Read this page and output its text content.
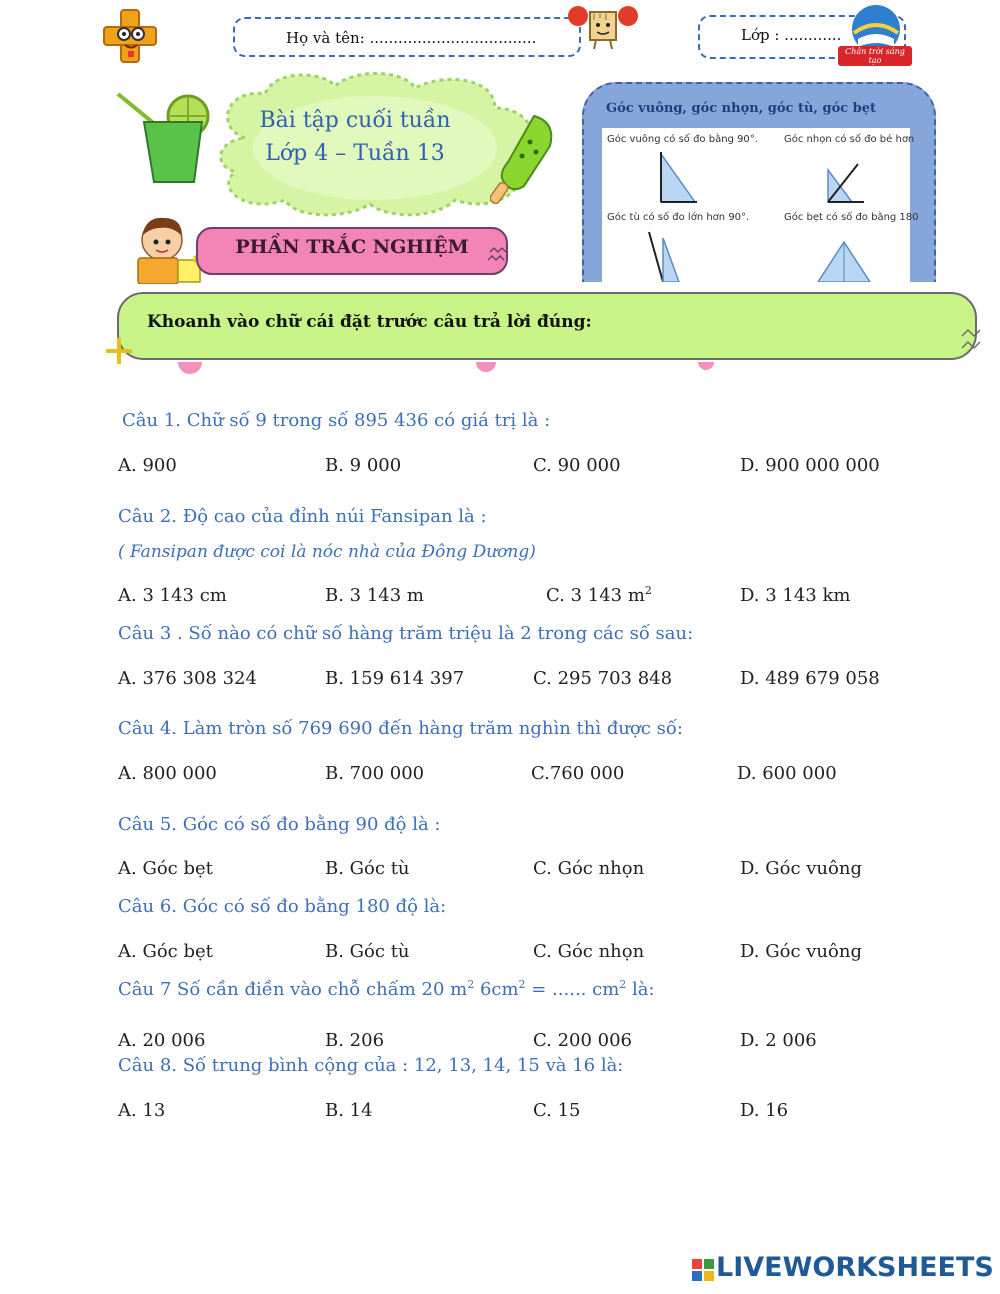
Họ và tên: ...................................	Lớp : ............
Chân trời sáng tạo
Bài tập cuối tuần
Lớp 4 – Tuần 13
Góc vuông, góc nhọn, góc tù, góc bẹt
Góc vuông có số đo bằng 90°.	Góc nhọn có số đo bé hơn
Góc tù có số đo lớn hơn 90°.	Góc bẹt có số đo bằng 180
PHẦN TRẮC NGHIỆM
Khoanh vào chữ cái đặt trước câu trả lời đúng:
Câu 1. Chữ số 9 trong số 895 436 có giá trị là :
A. 900	B. 9 000	C. 90 000	D. 900 000 000
Câu 2. Độ cao của đỉnh núi Fansipan là :
( Fansipan được coi là nóc nhà của Đông Dương)
A. 3 143 cm	B. 3 143 m	C. 3 143 $m^2$	D. 3 143 km
Câu 3 . Số nào có chữ số hàng trăm triệu là 2 trong các số sau:
A. 376 308 324	B. 159 614 397	C. 295 703 848	D. 489 679 058
Câu 4. Làm tròn số 769 690 đến hàng trăm nghìn thì được số:
A. 800 000	B. 700 000	C.760 000	D. 600 000
Câu 5. Góc có số đo bằng 90 độ là :
A. Góc bẹt	B. Góc tù	C. Góc nhọn	D. Góc vuông
Câu 6. Góc có số đo bằng 180 độ là:
A. Góc bẹt	B. Góc tù	C. Góc nhọn	D. Góc vuông
Câu 7 Số cần điền vào chỗ chấm 20 $m^2$ $6cm^2$ = ...... $cm^2$ là:
A. 20 006	B. 206	C. 200 006	D. 2 006
Câu 8. Số trung bình cộng của : 12, 13, 14, 15 và 16 là:
A. 13	B. 14	C. 15	D. 16
LIVEWORKSHEETS
